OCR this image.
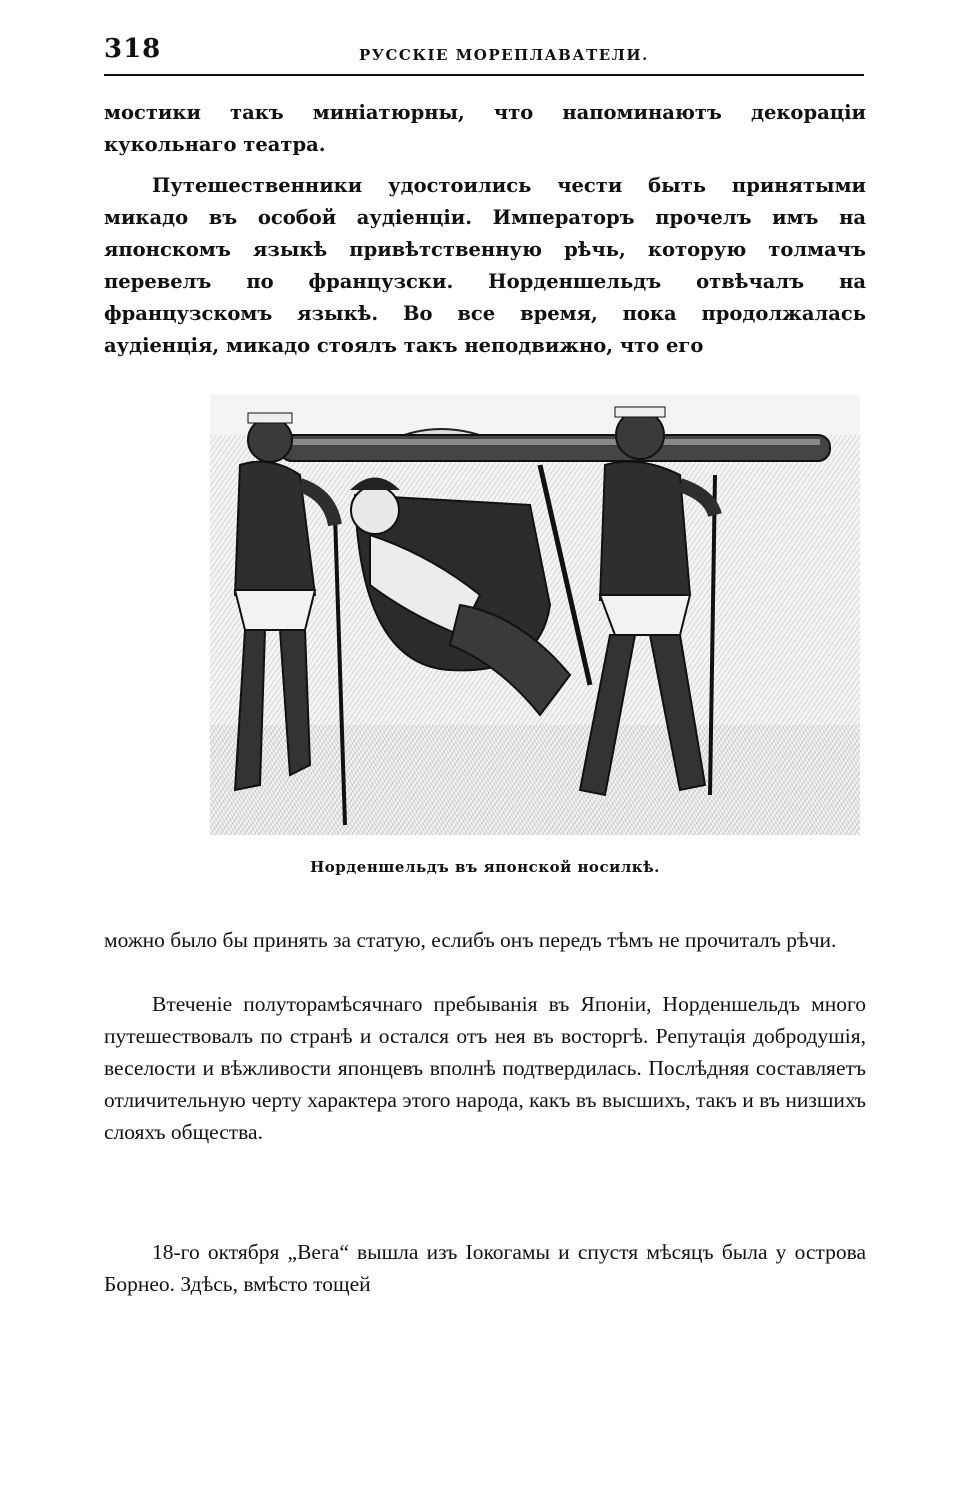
318	РУССКІЕ МОРЕПЛАВАТЕЛИ.

мостики такъ миніатюрны, что напоминаютъ декораціи кукольнаго театра.

Путешественники удостоились чести быть принятыми микадо въ особой аудіенціи. Императоръ прочелъ имъ на японскомъ языкѣ привѣтственную рѣчь, которую толмачъ перевелъ по французски. Норденшельдъ отвѣчалъ на французскомъ языкѣ. Во все время, пока продолжалась аудіенція, микадо стоялъ такъ неподвижно, что его

Норденшельдъ въ японской носилкѣ.

можно было бы принять за статую, еслибъ онъ передъ тѣмъ не прочиталъ рѣчи.

Втеченіе полуторамѣсячнаго пребыванія въ Японіи, Норденшельдъ много путешествовалъ по странѣ и остался отъ нея въ восторгѣ. Репутація добродушія, веселости и вѣжливости японцевъ вполнѣ подтвердилась. Послѣдняя составляетъ отличительную черту характера этого народа, какъ въ высшихъ, такъ и въ низшихъ слояхъ общества.

18-го октября „Вега“ вышла изъ Іокогамы и спустя мѣсяцъ была у острова Борнео. Здѣсь, вмѣсто тощей
